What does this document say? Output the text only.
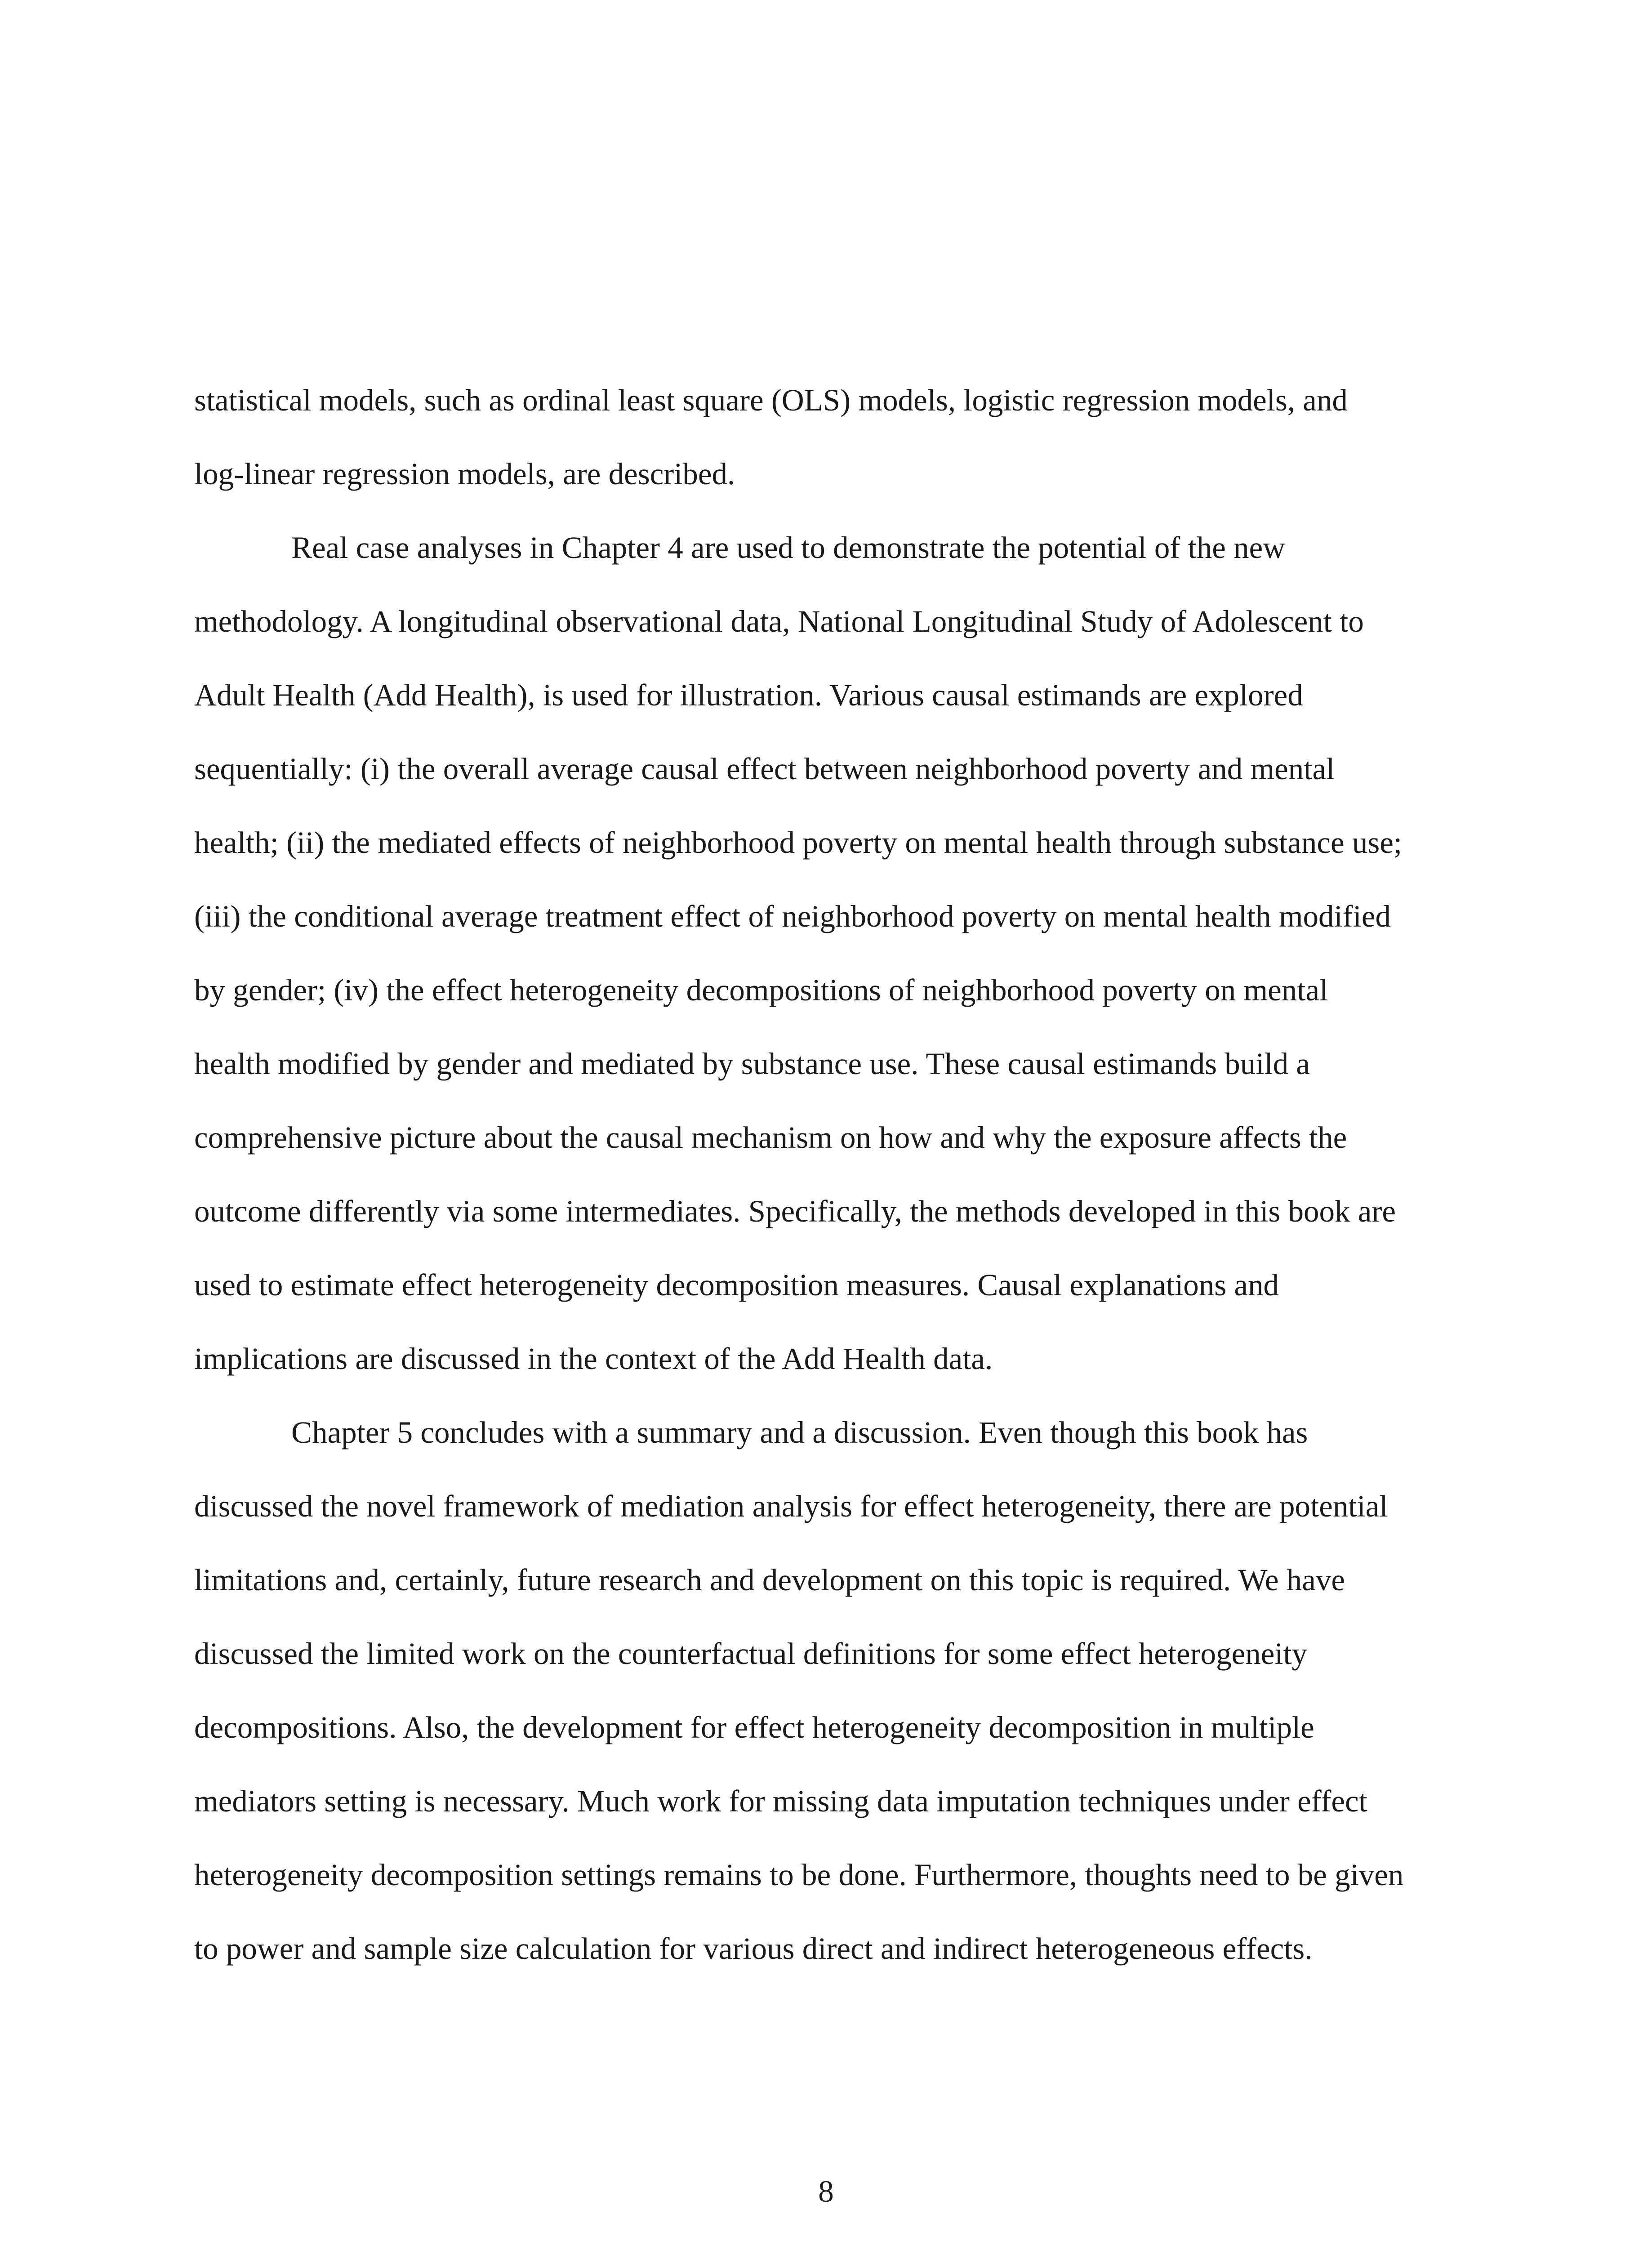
statistical models, such as ordinal least square (OLS) models, logistic regression models, and
log-linear regression models, are described.
Real case analyses in Chapter 4 are used to demonstrate the potential of the new
methodology. A longitudinal observational data, National Longitudinal Study of Adolescent to
Adult Health (Add Health), is used for illustration. Various causal estimands are explored
sequentially: (i) the overall average causal effect between neighborhood poverty and mental
health; (ii) the mediated effects of neighborhood poverty on mental health through substance use;
(iii) the conditional average treatment effect of neighborhood poverty on mental health modified
by gender; (iv) the effect heterogeneity decompositions of neighborhood poverty on mental
health modified by gender and mediated by substance use. These causal estimands build a
comprehensive picture about the causal mechanism on how and why the exposure affects the
outcome differently via some intermediates. Specifically, the methods developed in this book are
used to estimate effect heterogeneity decomposition measures. Causal explanations and
implications are discussed in the context of the Add Health data.
Chapter 5 concludes with a summary and a discussion. Even though this book has
discussed the novel framework of mediation analysis for effect heterogeneity, there are potential
limitations and, certainly, future research and development on this topic is required. We have
discussed the limited work on the counterfactual definitions for some effect heterogeneity
decompositions. Also, the development for effect heterogeneity decomposition in multiple
mediators setting is necessary. Much work for missing data imputation techniques under effect
heterogeneity decomposition settings remains to be done. Furthermore, thoughts need to be given
to power and sample size calculation for various direct and indirect heterogeneous effects.
8
